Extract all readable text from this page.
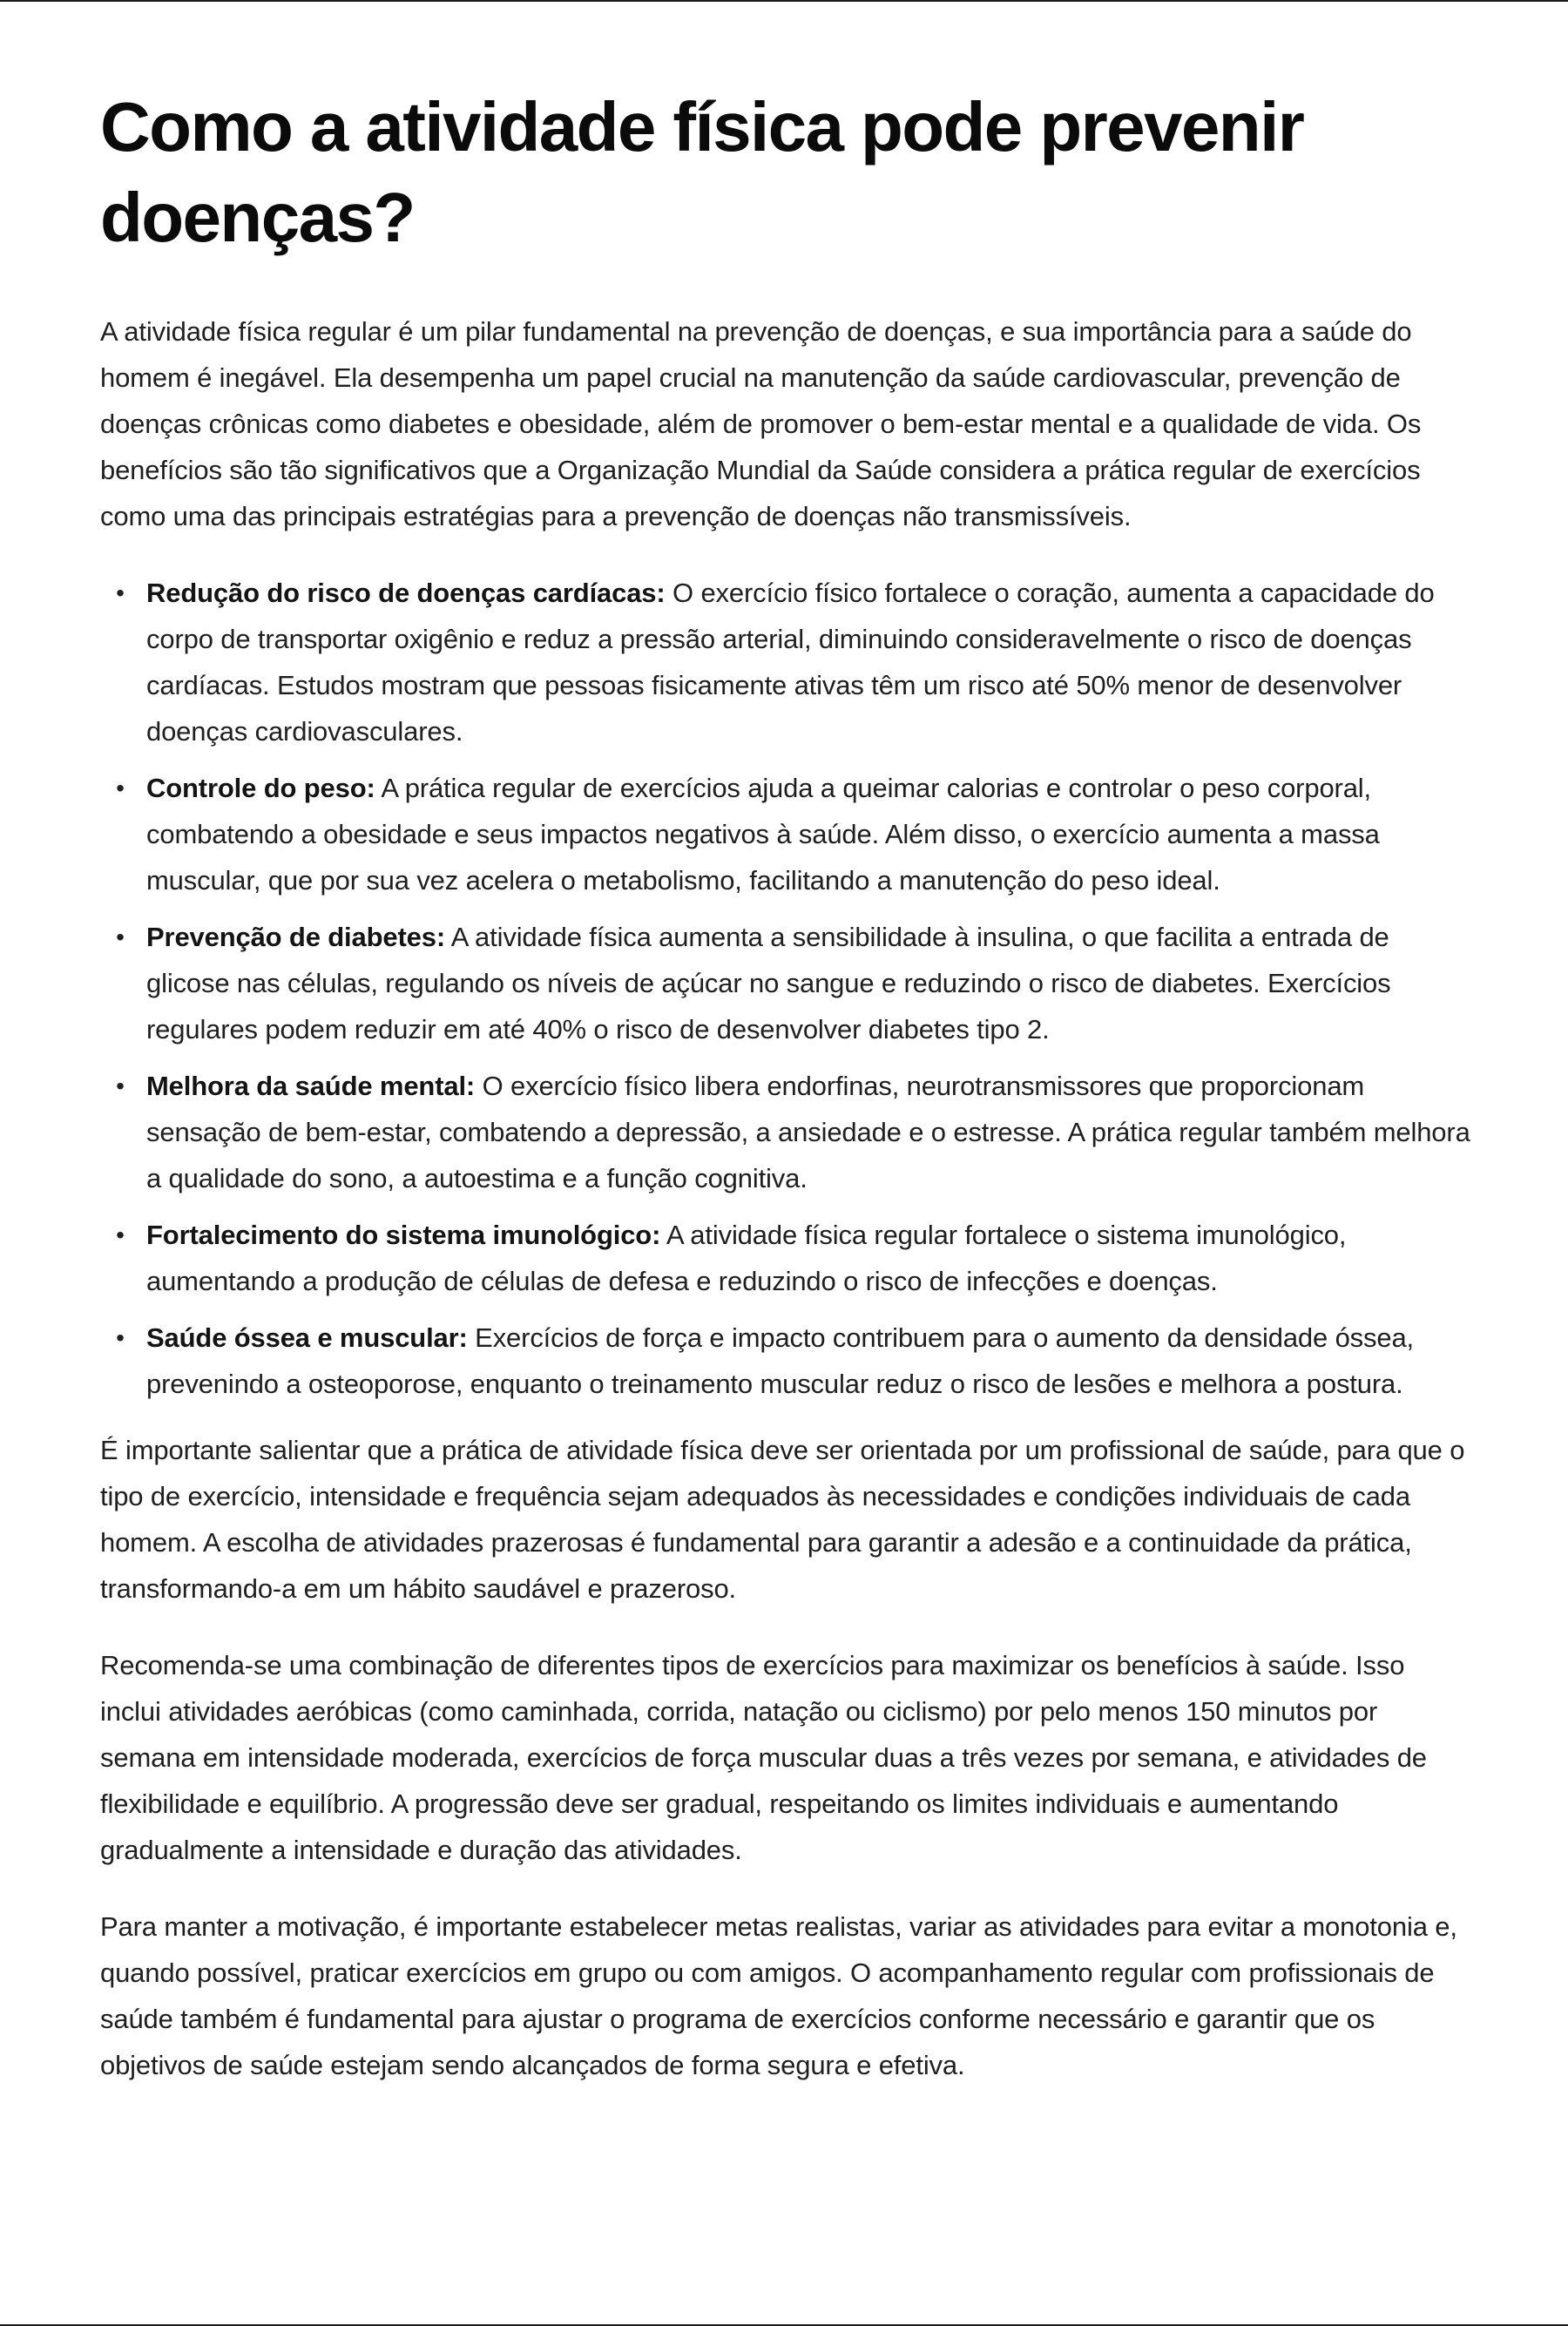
Como a atividade física pode prevenir doenças?

A atividade física regular é um pilar fundamental na prevenção de doenças, e sua importância para a saúde do homem é inegável. Ela desempenha um papel crucial na manutenção da saúde cardiovascular, prevenção de doenças crônicas como diabetes e obesidade, além de promover o bem-estar mental e a qualidade de vida. Os benefícios são tão significativos que a Organização Mundial da Saúde considera a prática regular de exercícios como uma das principais estratégias para a prevenção de doenças não transmissíveis.

• Redução do risco de doenças cardíacas: O exercício físico fortalece o coração, aumenta a capacidade do corpo de transportar oxigênio e reduz a pressão arterial, diminuindo consideravelmente o risco de doenças cardíacas. Estudos mostram que pessoas fisicamente ativas têm um risco até 50% menor de desenvolver doenças cardiovasculares.
• Controle do peso: A prática regular de exercícios ajuda a queimar calorias e controlar o peso corporal, combatendo a obesidade e seus impactos negativos à saúde. Além disso, o exercício aumenta a massa muscular, que por sua vez acelera o metabolismo, facilitando a manutenção do peso ideal.
• Prevenção de diabetes: A atividade física aumenta a sensibilidade à insulina, o que facilita a entrada de glicose nas células, regulando os níveis de açúcar no sangue e reduzindo o risco de diabetes. Exercícios regulares podem reduzir em até 40% o risco de desenvolver diabetes tipo 2.
• Melhora da saúde mental: O exercício físico libera endorfinas, neurotransmissores que proporcionam sensação de bem-estar, combatendo a depressão, a ansiedade e o estresse. A prática regular também melhora a qualidade do sono, a autoestima e a função cognitiva.
• Fortalecimento do sistema imunológico: A atividade física regular fortalece o sistema imunológico, aumentando a produção de células de defesa e reduzindo o risco de infecções e doenças.
• Saúde óssea e muscular: Exercícios de força e impacto contribuem para o aumento da densidade óssea, prevenindo a osteoporose, enquanto o treinamento muscular reduz o risco de lesões e melhora a postura.

É importante salientar que a prática de atividade física deve ser orientada por um profissional de saúde, para que o tipo de exercício, intensidade e frequência sejam adequados às necessidades e condições individuais de cada homem. A escolha de atividades prazerosas é fundamental para garantir a adesão e a continuidade da prática, transformando-a em um hábito saudável e prazeroso.

Recomenda-se uma combinação de diferentes tipos de exercícios para maximizar os benefícios à saúde. Isso inclui atividades aeróbicas (como caminhada, corrida, natação ou ciclismo) por pelo menos 150 minutos por semana em intensidade moderada, exercícios de força muscular duas a três vezes por semana, e atividades de flexibilidade e equilíbrio. A progressão deve ser gradual, respeitando os limites individuais e aumentando gradualmente a intensidade e duração das atividades.

Para manter a motivação, é importante estabelecer metas realistas, variar as atividades para evitar a monotonia e, quando possível, praticar exercícios em grupo ou com amigos. O acompanhamento regular com profissionais de saúde também é fundamental para ajustar o programa de exercícios conforme necessário e garantir que os objetivos de saúde estejam sendo alcançados de forma segura e efetiva.
